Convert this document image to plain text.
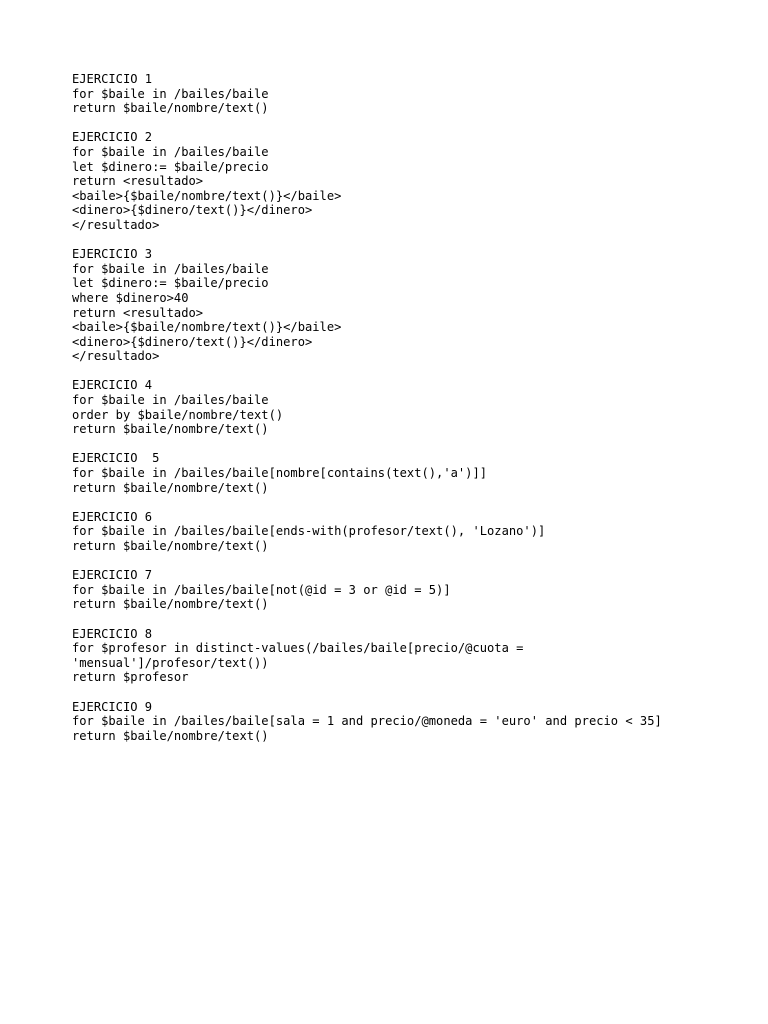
EJERCICIO 1
for $baile in /bailes/baile
return $baile/nombre/text()
EJERCICIO 2
for $baile in /bailes/baile
let $dinero:= $baile/precio
return <resultado>
<baile>{$baile/nombre/text()}</baile>
<dinero>{$dinero/text()}</dinero>
</resultado>
EJERCICIO 3
for $baile in /bailes/baile
let $dinero:= $baile/precio
where $dinero>40
return <resultado>
<baile>{$baile/nombre/text()}</baile>
<dinero>{$dinero/text()}</dinero>
</resultado>
EJERCICIO 4
for $baile in /bailes/baile
order by $baile/nombre/text()
return $baile/nombre/text()
EJERCICIO  5
for $baile in /bailes/baile[nombre[contains(text(),'a')]]
return $baile/nombre/text()
EJERCICIO 6
for $baile in /bailes/baile[ends-with(profesor/text(), 'Lozano')]
return $baile/nombre/text()
EJERCICIO 7
for $baile in /bailes/baile[not(@id = 3 or @id = 5)]
return $baile/nombre/text()
EJERCICIO 8
for $profesor in distinct-values(/bailes/baile[precio/@cuota =
'mensual']/profesor/text())
return $profesor
EJERCICIO 9
for $baile in /bailes/baile[sala = 1 and precio/@moneda = 'euro' and precio < 35]
return $baile/nombre/text()
